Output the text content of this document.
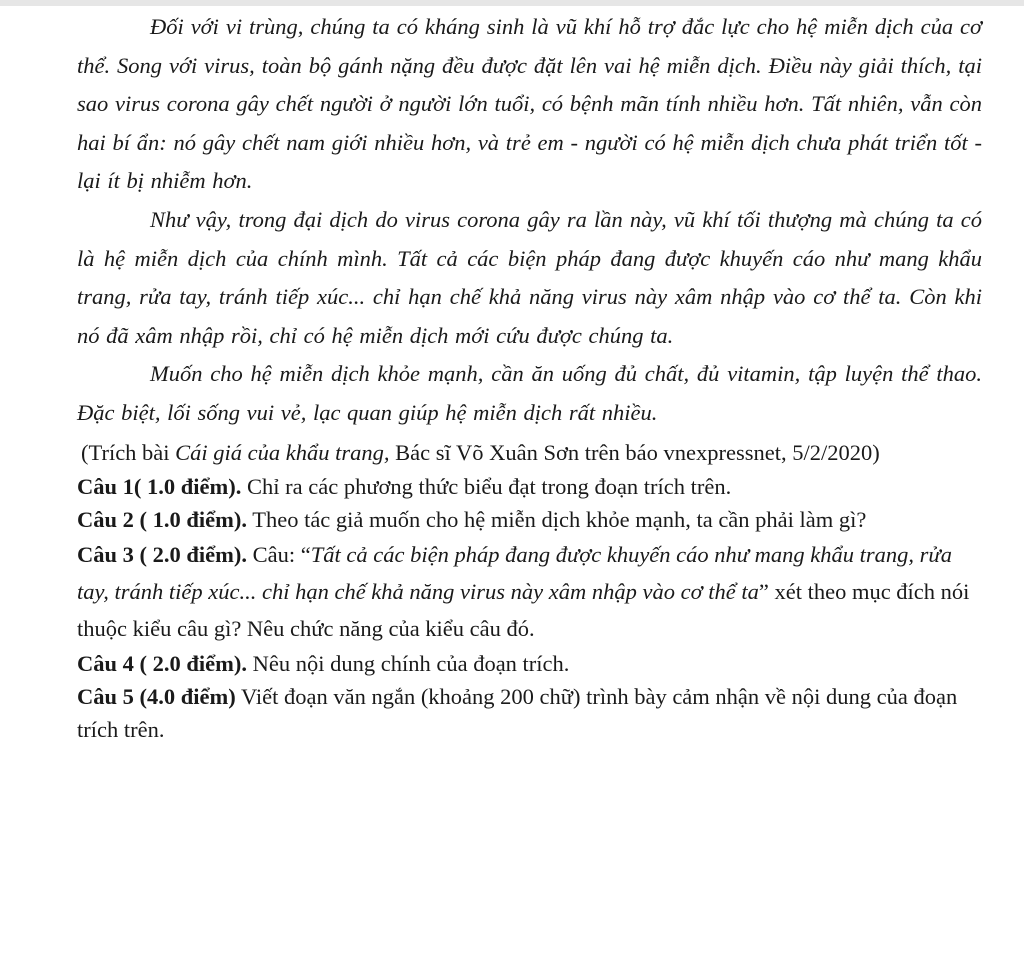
Đối với vi trùng, chúng ta có kháng sinh là vũ khí hỗ trợ đắc lực cho hệ miễn dịch của cơ thể. Song với virus, toàn bộ gánh nặng đều được đặt lên vai hệ miễn dịch. Điều này giải thích, tại sao virus corona gây chết người ở người lớn tuổi, có bệnh mãn tính nhiều hơn. Tất nhiên, vẫn còn hai bí ẩn: nó gây chết nam giới nhiều hơn, và trẻ em - người có hệ miễn dịch chưa phát triển tốt - lại ít bị nhiễm hơn.

Như vậy, trong đại dịch do virus corona gây ra lần này, vũ khí tối thượng mà chúng ta có là hệ miễn dịch của chính mình. Tất cả các biện pháp đang được khuyến cáo như mang khẩu trang, rửa tay, tránh tiếp xúc... chỉ hạn chế khả năng virus này xâm nhập vào cơ thể ta. Còn khi nó đã xâm nhập rồi, chỉ có hệ miễn dịch mới cứu được chúng ta.

Muốn cho hệ miễn dịch khỏe mạnh, cần ăn uống đủ chất, đủ vitamin, tập luyện thể thao. Đặc biệt, lối sống vui vẻ, lạc quan giúp hệ miễn dịch rất nhiều.

(Trích bài Cái giá của khẩu trang, Bác sĩ Võ Xuân Sơn trên báo vnexpressnet, 5/2/2020)

Câu 1( 1.0 điểm). Chỉ ra các phương thức biểu đạt trong đoạn trích trên.

Câu 2 ( 1.0 điểm). Theo tác giả muốn cho hệ miễn dịch khỏe mạnh, ta cần phải làm gì?

Câu 3 ( 2.0 điểm). Câu: “Tất cả các biện pháp đang được khuyến cáo như mang khẩu trang, rửa tay, tránh tiếp xúc... chỉ hạn chế khả năng virus này xâm nhập vào cơ thể ta” xét theo mục đích nói thuộc kiểu câu gì? Nêu chức năng của kiểu câu đó.

Câu 4 ( 2.0 điểm). Nêu nội dung chính của đoạn trích.

Câu 5 (4.0 điểm) Viết đoạn văn ngắn (khoảng 200 chữ) trình bày cảm nhận về nội dung của đoạn trích trên.
